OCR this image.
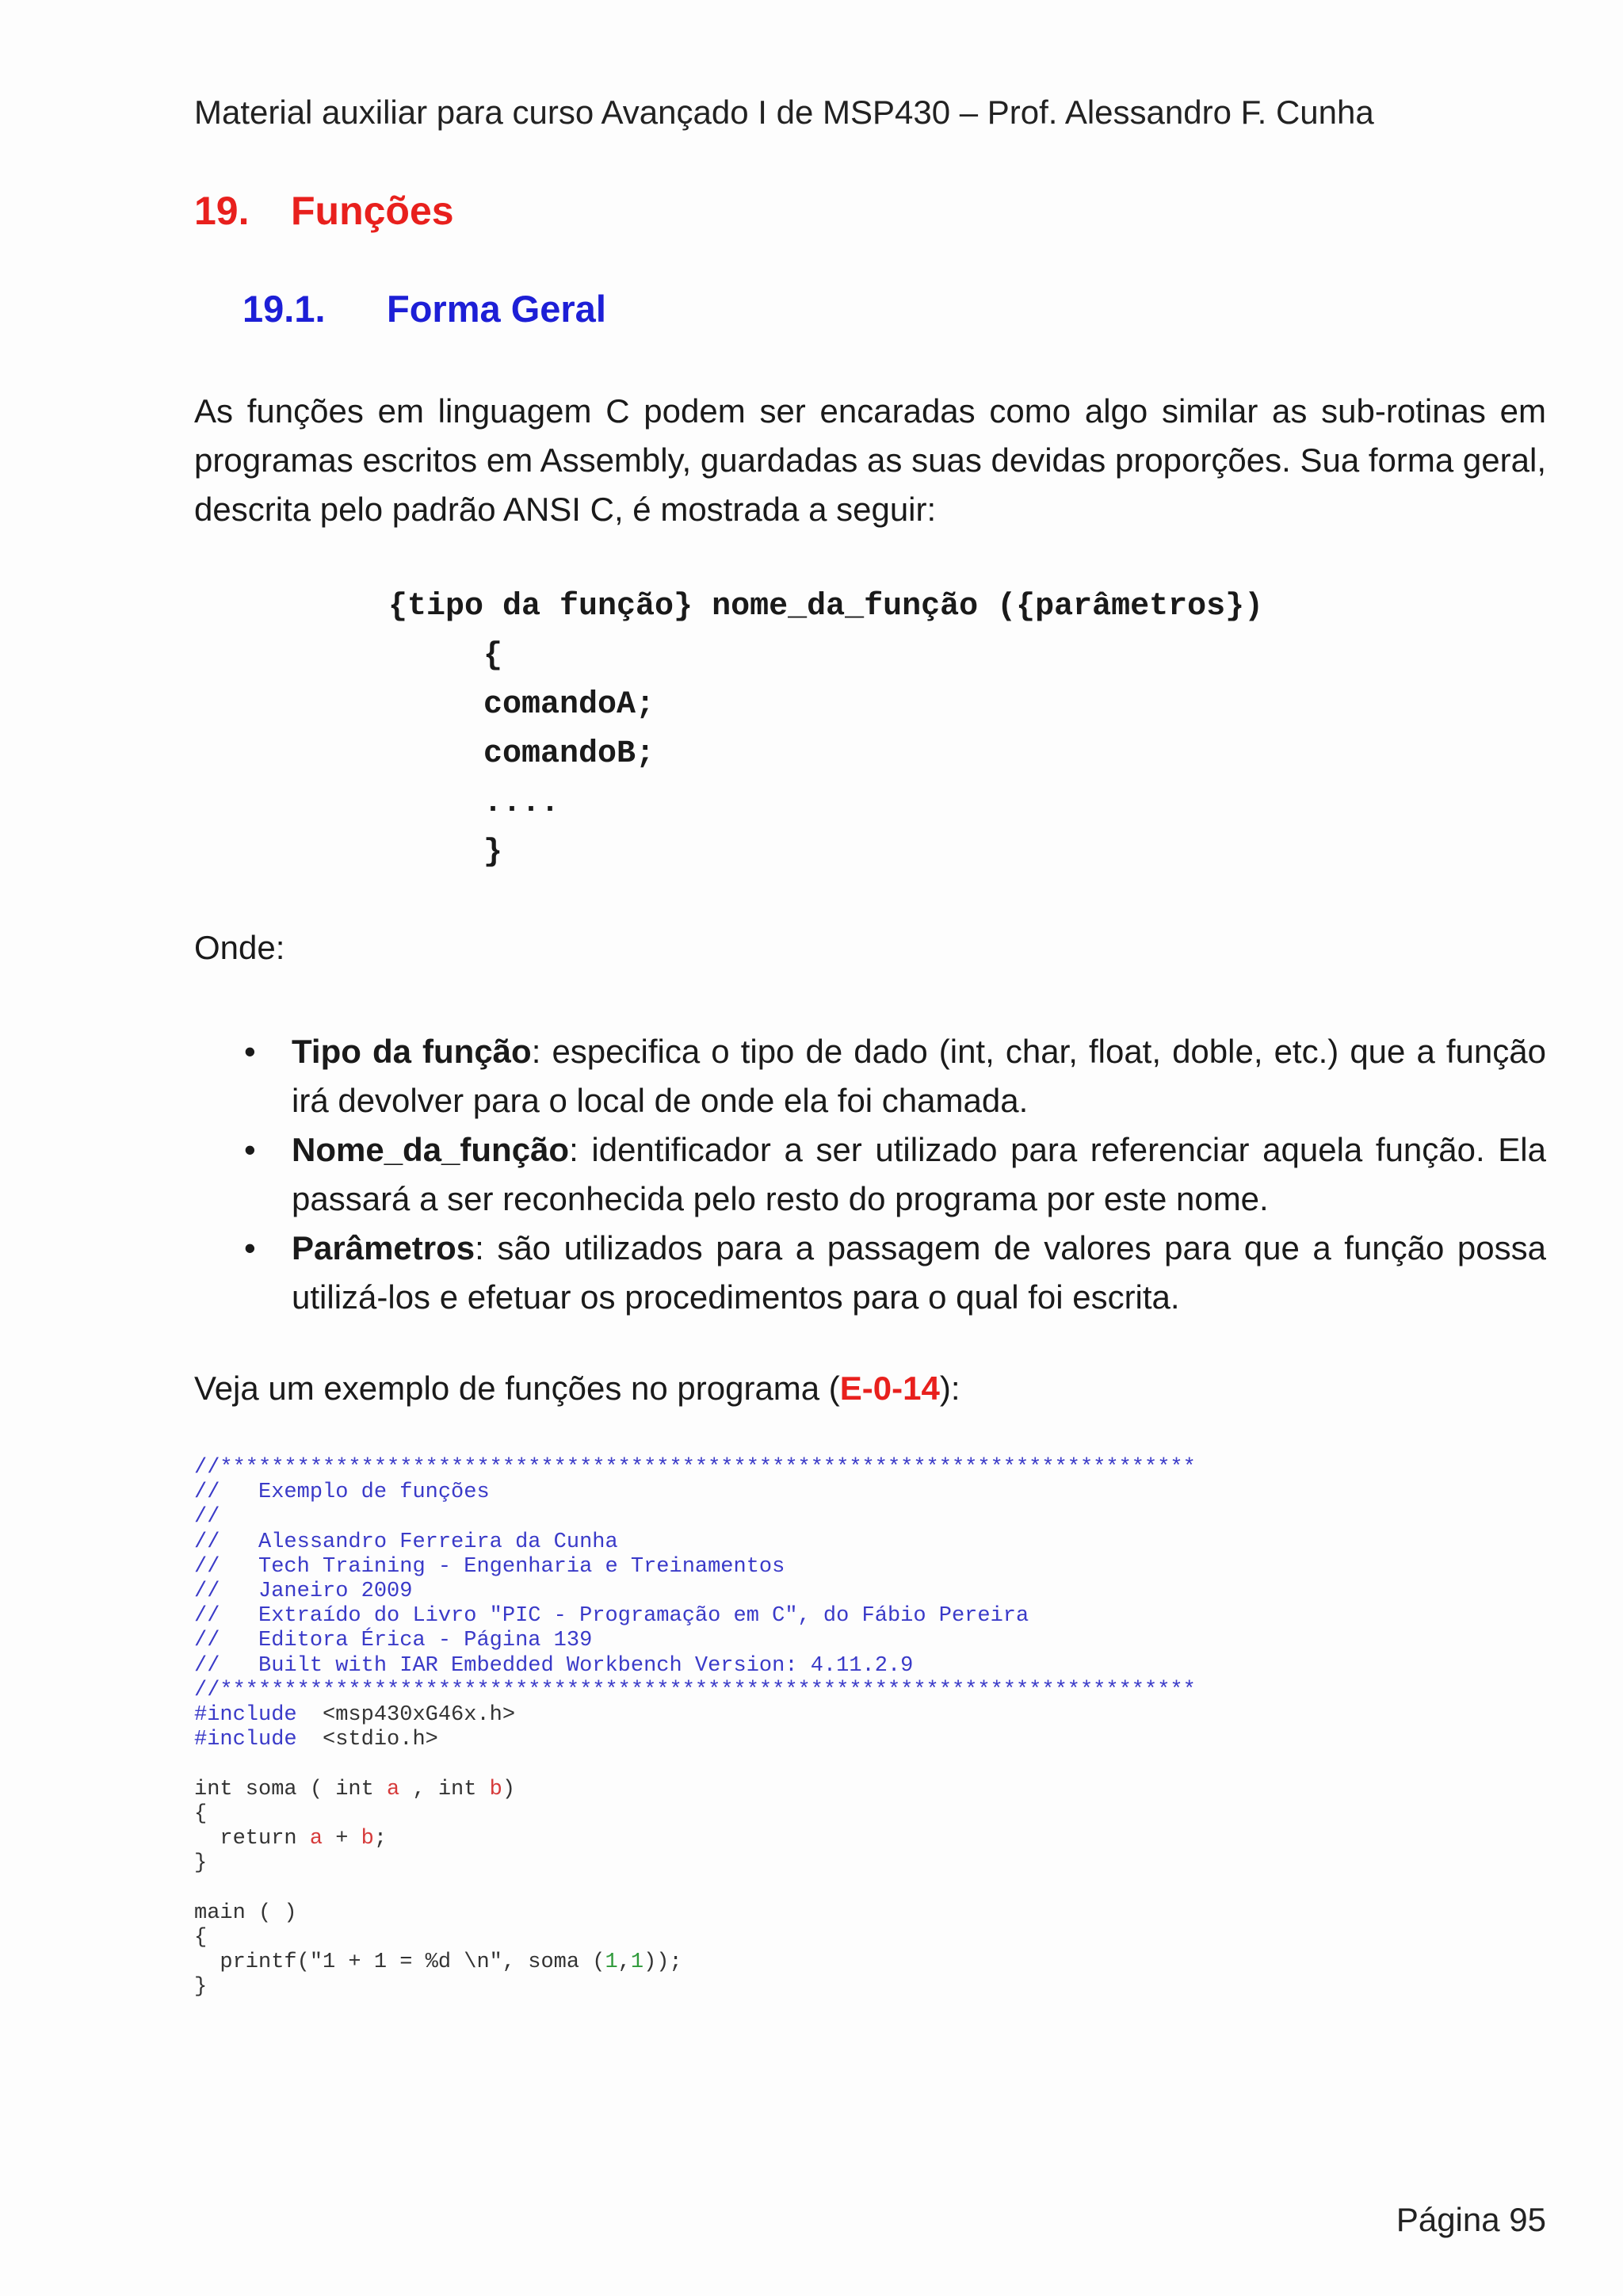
Material auxiliar para curso Avançado I de MSP430 – Prof. Alessandro F. Cunha
19. Funções
19.1. Forma Geral
As funções em linguagem C podem ser encaradas como algo similar as sub-rotinas em programas escritos em Assembly, guardadas as suas devidas proporções. Sua forma geral, descrita pelo padrão ANSI C, é mostrada a seguir:
{tipo da função} nome_da_função ({parâmetros})

{
comandoA;
comandoB;
....
}
Onde:
• Tipo da função: especifica o tipo de dado (int, char, float, doble, etc.) que a função irá devolver para o local de onde ela foi chamada.
• Nome_da_função: identificador a ser utilizado para referenciar aquela função. Ela passará a ser reconhecida pelo resto do programa por este nome.
• Parâmetros: são utilizados para a passagem de valores para que a função possa utilizá-los e efetuar os procedimentos para o qual foi escrita.
Veja um exemplo de funções no programa (E-0-14):
//****************************************************************************
//   Exemplo de funções
//
//   Alessandro Ferreira da Cunha
//   Tech Training - Engenharia e Treinamentos
//   Janeiro 2009
//   Extraído do Livro "PIC - Programação em C", do Fábio Pereira
//   Editora Érica - Página 139
//   Built with IAR Embedded Workbench Version: 4.11.2.9
//****************************************************************************
#include <msp430xG46x.h>
#include <stdio.h>

int soma ( int a , int b)
{
return a + b;
}

main ( )
{
printf("1 + 1 = %d \n", soma (1,1));
}
Página 95
